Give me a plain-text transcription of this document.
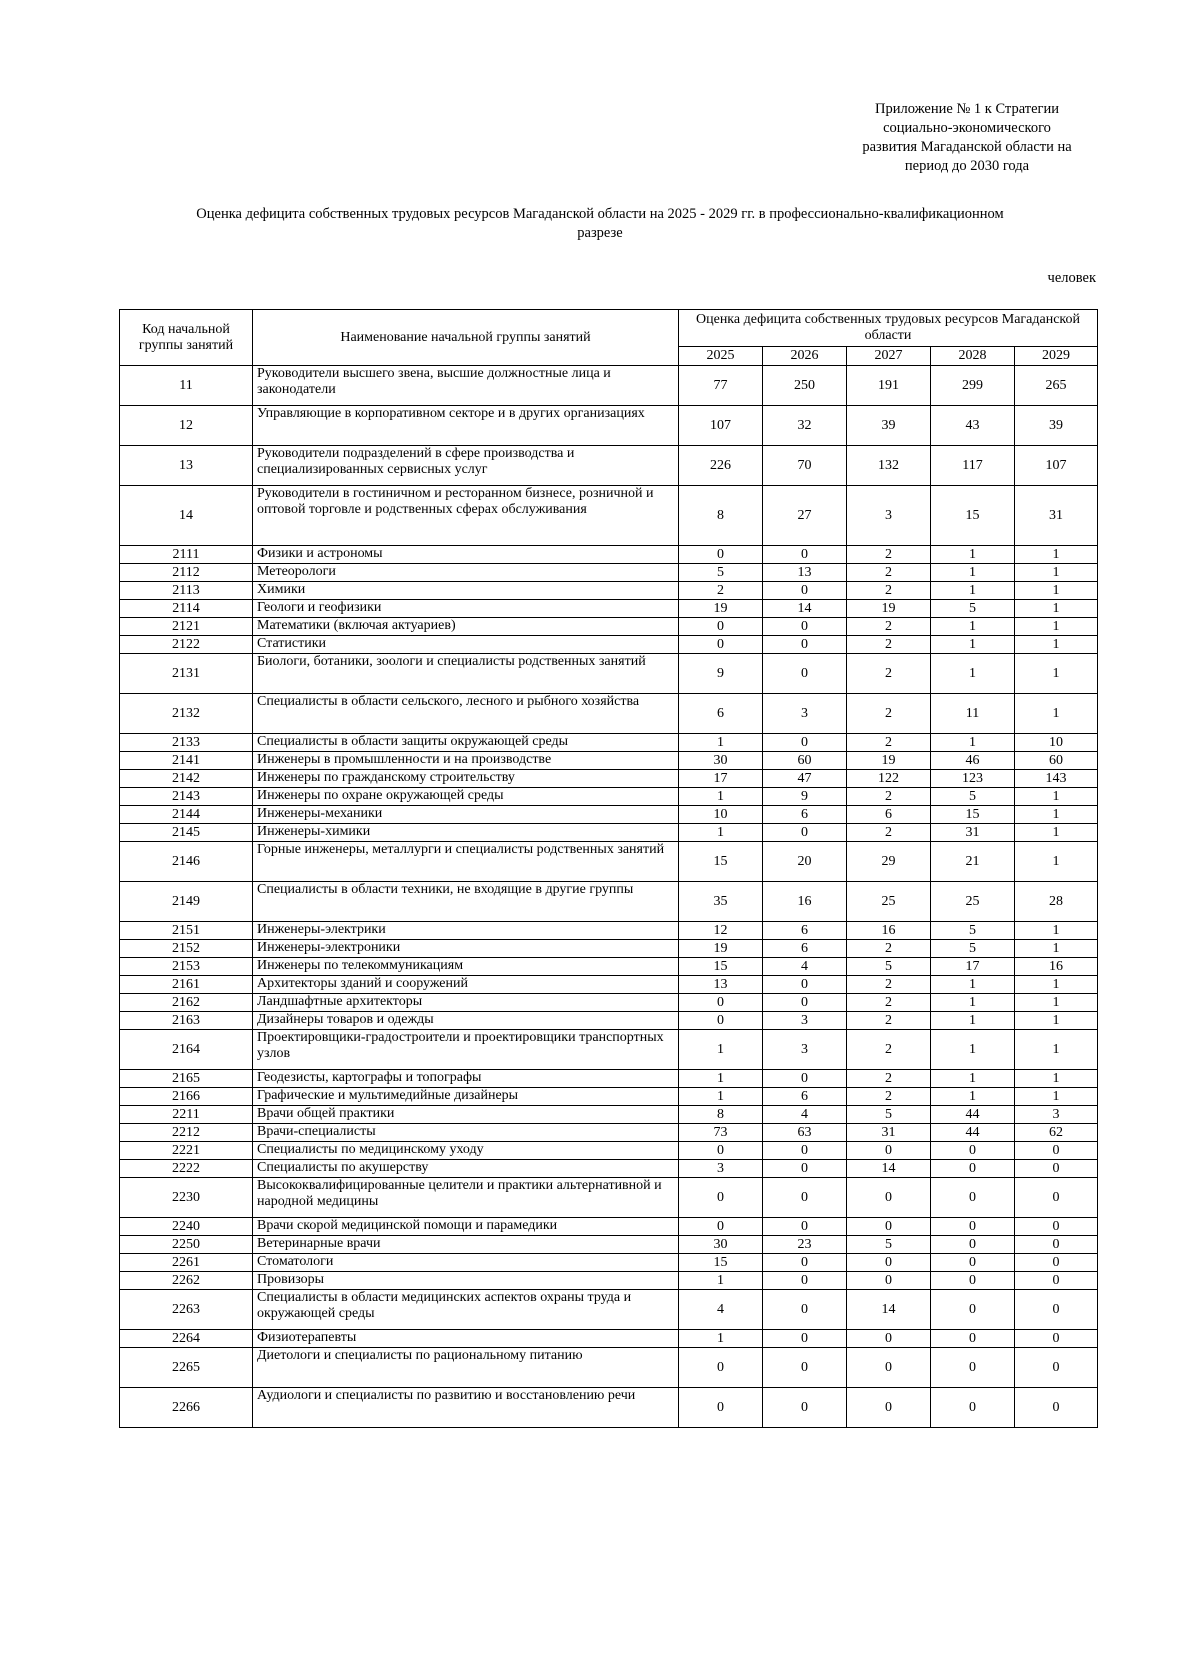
Приложение № 1 к Стратегии
социально-экономического
развития Магаданской области на
период до 2030 года
Оценка дефицита собственных трудовых ресурсов Магаданской области на 2025 - 2029 гг. в профессионально-квалификационном
разрезе
человек
Код начальной группы занятий	Наименование начальной группы занятий	Оценка дефицита собственных трудовых ресурсов Магаданской области				
		2025	2026	2027	2028	2029
11	Руководители высшего звена, высшие должностные лица и законодатели	77	250	191	299	265
12	Управляющие в корпоративном секторе и в других организациях	107	32	39	43	39
13	Руководители подразделений в сфере производства и специализированных сервисных услуг	226	70	132	117	107
14	Руководители в гостиничном и ресторанном бизнесе, розничной и оптовой торговле и родственных сферах обслуживания	8	27	3	15	31
2111	Физики и астрономы	0	0	2	1	1
2112	Метеорологи	5	13	2	1	1
2113	Химики	2	0	2	1	1
2114	Геологи и геофизики	19	14	19	5	1
2121	Математики (включая актуариев)	0	0	2	1	1
2122	Статистики	0	0	2	1	1
2131	Биологи, ботаники, зоологи и специалисты родственных занятий	9	0	2	1	1
2132	Специалисты в области сельского, лесного и рыбного хозяйства	6	3	2	11	1
2133	Специалисты в области защиты окружающей среды	1	0	2	1	10
2141	Инженеры в промышленности и на производстве	30	60	19	46	60
2142	Инженеры по гражданскому строительству	17	47	122	123	143
2143	Инженеры по охране окружающей среды	1	9	2	5	1
2144	Инженеры-механики	10	6	6	15	1
2145	Инженеры-химики	1	0	2	31	1
2146	Горные инженеры, металлурги и специалисты родственных занятий	15	20	29	21	1
2149	Специалисты в области техники, не входящие в другие группы	35	16	25	25	28
2151	Инженеры-электрики	12	6	16	5	1
2152	Инженеры-электроники	19	6	2	5	1
2153	Инженеры по телекоммуникациям	15	4	5	17	16
2161	Архитекторы зданий и сооружений	13	0	2	1	1
2162	Ландшафтные архитекторы	0	0	2	1	1
2163	Дизайнеры товаров и одежды	0	3	2	1	1
2164	Проектировщики-градостроители и проектировщики транспортных узлов	1	3	2	1	1
2165	Геодезисты, картографы и топографы	1	0	2	1	1
2166	Графические и мультимедийные дизайнеры	1	6	2	1	1
2211	Врачи общей практики	8	4	5	44	3
2212	Врачи-специалисты	73	63	31	44	62
2221	Специалисты по медицинскому уходу	0	0	0	0	0
2222	Специалисты по акушерству	3	0	14	0	0
2230	Высококвалифицированные целители и практики альтернативной и народной медицины	0	0	0	0	0
2240	Врачи скорой медицинской помощи и парамедики	0	0	0	0	0
2250	Ветеринарные врачи	30	23	5	0	0
2261	Стоматологи	15	0	0	0	0
2262	Провизоры	1	0	0	0	0
2263	Специалисты в области медицинских аспектов охраны труда и окружающей среды	4	0	14	0	0
2264	Физиотерапевты	1	0	0	0	0
2265	Диетологи и специалисты по рациональному питанию	0	0	0	0	0
2266	Аудиологи и специалисты по развитию и восстановлению речи	0	0	0	0	0
